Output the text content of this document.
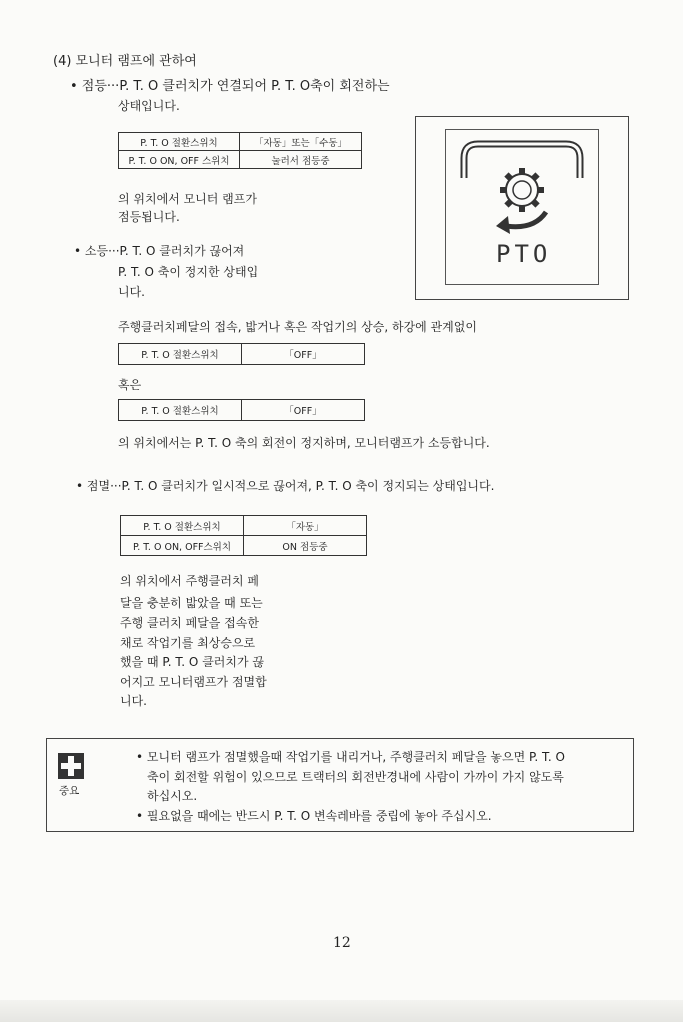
(4) 모니터 램프에 관하여
• 점등···P. T. O 클러치가 연결되어 P. T. O축이 회전하는
상태입니다.
P. T. O 절환스위치	「자동」또는「수동」
P. T. O ON, OFF 스위치	눌러서 점등중
의 위치에서 모니터 램프가
점등됩니다.
PTO
• 소등···P. T. O 클러치가 끊어져
P. T. O 축이 정지한 상태입
니다.
주행클러치페달의 접속, 밟거나 혹은 작업기의 상승, 하강에 관계없이
P. T. O 절환스위치	「OFF」
혹은
P. T. O 절환스위치	「OFF」
의 위치에서는 P. T. O 축의 회전이 정지하며, 모니터램프가 소등합니다.
• 점멸···P. T. O 클러치가 일시적으로 끊어져, P. T. O 축이 정지되는 상태입니다.
P. T. O 절환스위치	「자동」
P. T. O ON, OFF스위치	ON 점등중
의 위치에서 주행클러치 페
달을 충분히 밟았을 때 또는
주행 클러치 페달을 접속한
채로 작업기를 최상승으로
했을 때 P. T. O 클러치가 끊
어지고 모니터램프가 점멸합
니다.
중요
• 모니터 램프가 점멸했을때 작업기를 내리거나, 주행클러치 페달을 놓으면 P. T. O
축이 회전할 위험이 있으므로 트랙터의 회전반경내에 사람이 가까이 가지 않도록
하십시오.
• 필요없을 때에는 반드시 P. T. O 변속레바를 중립에 놓아 주십시오.
12
